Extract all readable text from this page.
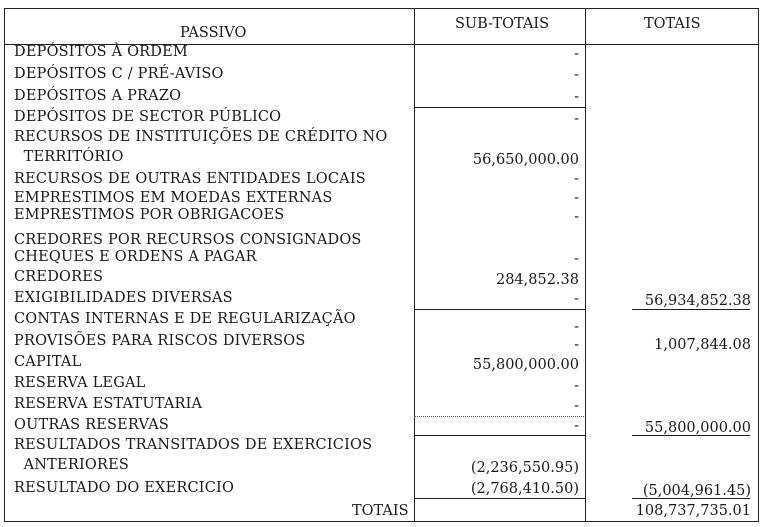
PASSIVO
SUB-TOTAIS	TOTAIS
DEPÓSITOS À ORDEM
DEPÓSITOS C / PRÉ-AVISO
DEPÓSITOS A PRAZO
DEPÓSITOS DE SECTOR PÚBLICO
RECURSOS DE INSTITUIÇÕES DE CRÉDITO NO
TERRITÓRIO
RECURSOS DE OUTRAS ENTIDADES LOCAIS
EMPRESTIMOS EM MOEDAS EXTERNAS
EMPRESTIMOS POR OBRIGACOES
CREDORES POR RECURSOS CONSIGNADOS
CHEQUES E ORDENS A PAGAR
CREDORES
EXIGIBILIDADES DIVERSAS
CONTAS INTERNAS E DE REGULARIZAÇÃO
PROVISÕES PARA RISCOS DIVERSOS
CAPITAL
RESERVA LEGAL
RESERVA ESTATUTARIA
OUTRAS RESERVAS
RESULTADOS TRANSITADOS DE EXERCICIOS
ANTERIORES
RESULTADO DO EXERCICIO
-
-
-
-
56,650,000.00
-
-
-
-
284,852.38
-
-
-
55,800,000.00
-
-
-
(2,236,550.95)
(2,768,410.50)
56,934,852.38
1,007,844.08
55,800,000.00
(5,004,961.45)
TOTAIS	108,737,735.01
